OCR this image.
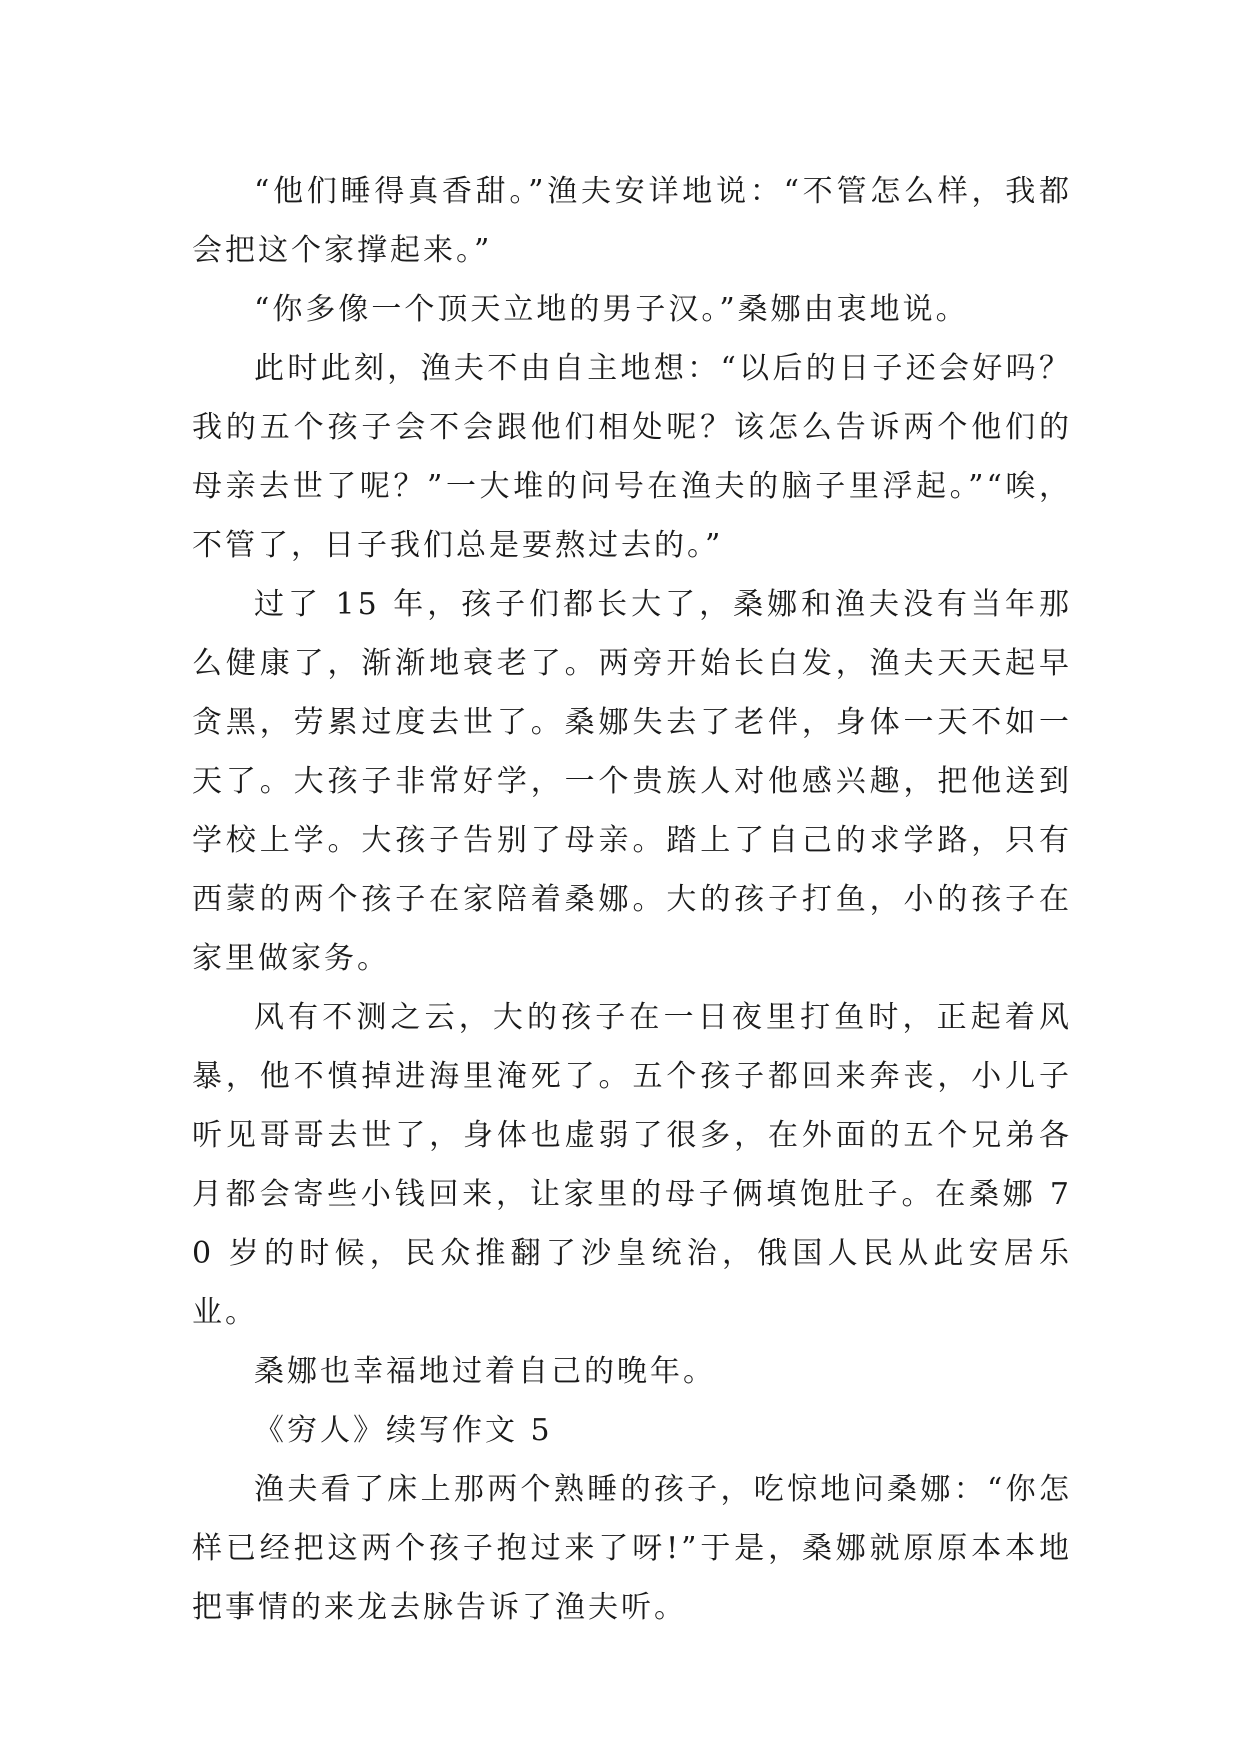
“他们睡得真香甜。”渔夫安详地说：“不管怎么样，我都会把这个家撑起来。”

“你多像一个顶天立地的男子汉。”桑娜由衷地说。

此时此刻，渔夫不由自主地想：“以后的日子还会好吗？我的五个孩子会不会跟他们相处呢？该怎么告诉两个他们的母亲去世了呢？”一大堆的问号在渔夫的脑子里浮起。”“唉，不管了，日子我们总是要熬过去的。”

过了 15 年，孩子们都长大了，桑娜和渔夫没有当年那么健康了，渐渐地衰老了。两旁开始长白发，渔夫天天起早贪黑，劳累过度去世了。桑娜失去了老伴，身体一天不如一天了。大孩子非常好学，一个贵族人对他感兴趣，把他送到学校上学。大孩子告别了母亲。踏上了自己的求学路，只有西蒙的两个孩子在家陪着桑娜。大的孩子打鱼，小的孩子在家里做家务。

风有不测之云，大的孩子在一日夜里打鱼时，正起着风暴，他不慎掉进海里淹死了。五个孩子都回来奔丧，小儿子听见哥哥去世了，身体也虚弱了很多，在外面的五个兄弟各月都会寄些小钱回来，让家里的母子俩填饱肚子。在桑娜 70 岁的时候，民众推翻了沙皇统治，俄国人民从此安居乐业。

桑娜也幸福地过着自己的晚年。

《穷人》续写作文 5

渔夫看了床上那两个熟睡的孩子，吃惊地问桑娜：“你怎样已经把这两个孩子抱过来了呀!”于是，桑娜就原原本本地把事情的来龙去脉告诉了渔夫听。
